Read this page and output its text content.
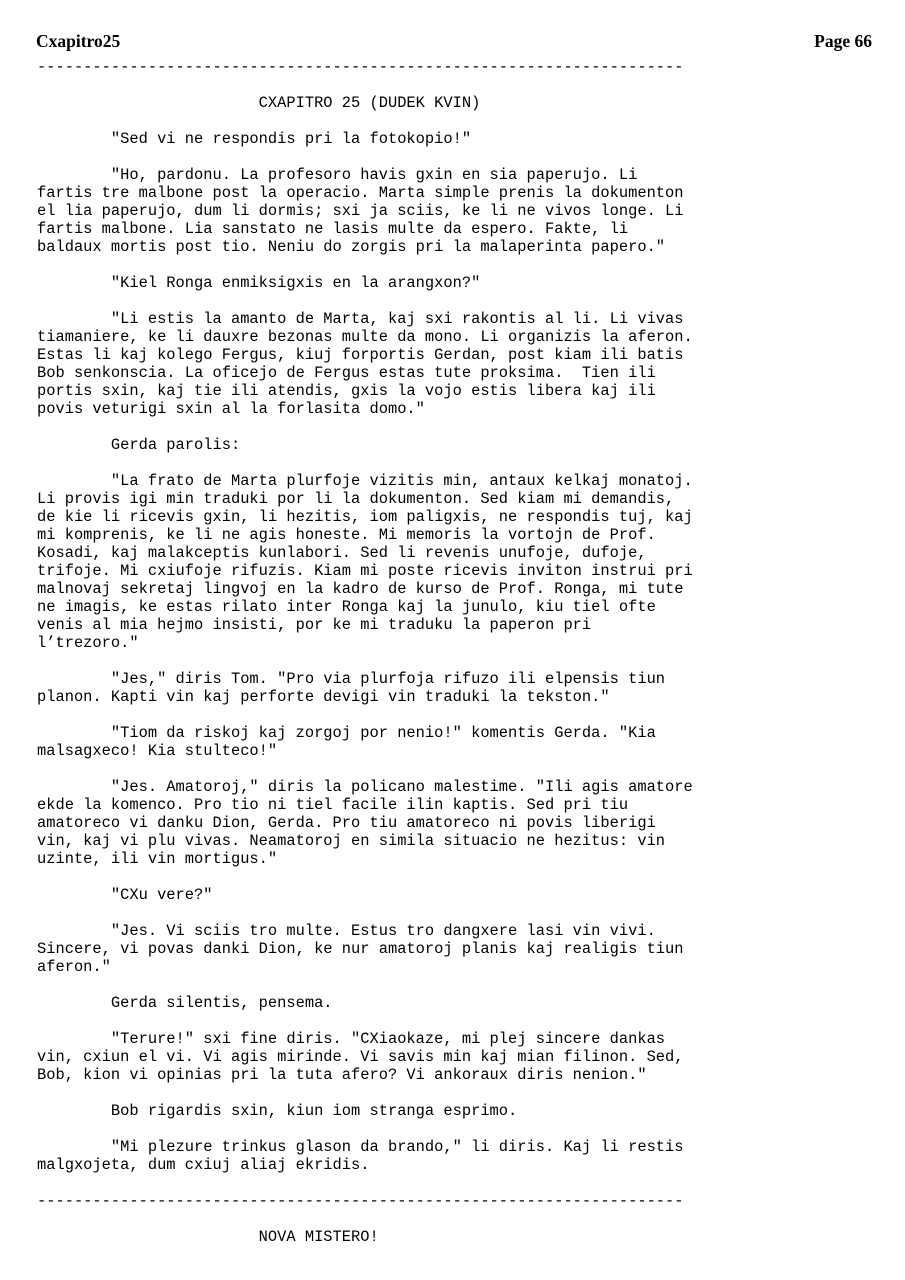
Cxapitro25	Page 66
----------------------------------------------------------------------
CXAPITRO 25 (DUDEK KVIN)
"Sed vi ne respondis pri la fotokopio!"
"Ho, pardonu. La profesoro havis gxin en sia paperujo. Li
fartis tre malbone post la operacio. Marta simple prenis la dokumenton
el lia paperujo, dum li dormis; sxi ja sciis, ke li ne vivos longe. Li
fartis malbone. Lia sanstato ne lasis multe da espero. Fakte, li
baldaux mortis post tio. Neniu do zorgis pri la malaperinta papero."
"Kiel Ronga enmiksigxis en la arangxon?"
"Li estis la amanto de Marta, kaj sxi rakontis al li. Li vivas
tiamaniere, ke li dauxre bezonas multe da mono. Li organizis la aferon.
Estas li kaj kolego Fergus, kiuj forportis Gerdan, post kiam ili batis
Bob senkonscia. La oficejo de Fergus estas tute proksima.  Tien ili
portis sxin, kaj tie ili atendis, gxis la vojo estis libera kaj ili
povis veturigi sxin al la forlasita domo."
Gerda parolis:
"La frato de Marta plurfoje vizitis min, antaux kelkaj monatoj.
Li provis igi min traduki por li la dokumenton. Sed kiam mi demandis,
de kie li ricevis gxin, li hezitis, iom paligxis, ne respondis tuj, kaj
mi komprenis, ke li ne agis honeste. Mi memoris la vortojn de Prof.
Kosadi, kaj malakceptis kunlabori. Sed li revenis unufoje, dufoje,
trifoje. Mi cxiufoje rifuzis. Kiam mi poste ricevis inviton instrui pri
malnovaj sekretaj lingvoj en la kadro de kurso de Prof. Ronga, mi tute
ne imagis, ke estas rilato inter Ronga kaj la junulo, kiu tiel ofte
venis al mia hejmo insisti, por ke mi traduku la paperon pri
l’trezoro."
"Jes," diris Tom. "Pro via plurfoja rifuzo ili elpensis tiun
planon. Kapti vin kaj perforte devigi vin traduki la tekston."
"Tiom da riskoj kaj zorgoj por nenio!" komentis Gerda. "Kia
malsagxeco! Kia stulteco!"
"Jes. Amatoroj," diris la policano malestime. "Ili agis amatore
ekde la komenco. Pro tio ni tiel facile ilin kaptis. Sed pri tiu
amatoreco vi danku Dion, Gerda. Pro tiu amatoreco ni povis liberigi
vin, kaj vi plu vivas. Neamatoroj en simila situacio ne hezitus: vin
uzinte, ili vin mortigus."
"CXu vere?"
"Jes. Vi sciis tro multe. Estus tro dangxere lasi vin vivi.
Sincere, vi povas danki Dion, ke nur amatoroj planis kaj realigis tiun
aferon."
Gerda silentis, pensema.
"Terure!" sxi fine diris. "CXiaokaze, mi plej sincere dankas
vin, cxiun el vi. Vi agis mirinde. Vi savis min kaj mian filinon. Sed,
Bob, kion vi opinias pri la tuta afero? Vi ankoraux diris nenion."
Bob rigardis sxin, kiun iom stranga esprimo.
"Mi plezure trinkus glason da brando," li diris. Kaj li restis
malgxojeta, dum cxiuj aliaj ekridis.
----------------------------------------------------------------------
NOVA MISTERO!
